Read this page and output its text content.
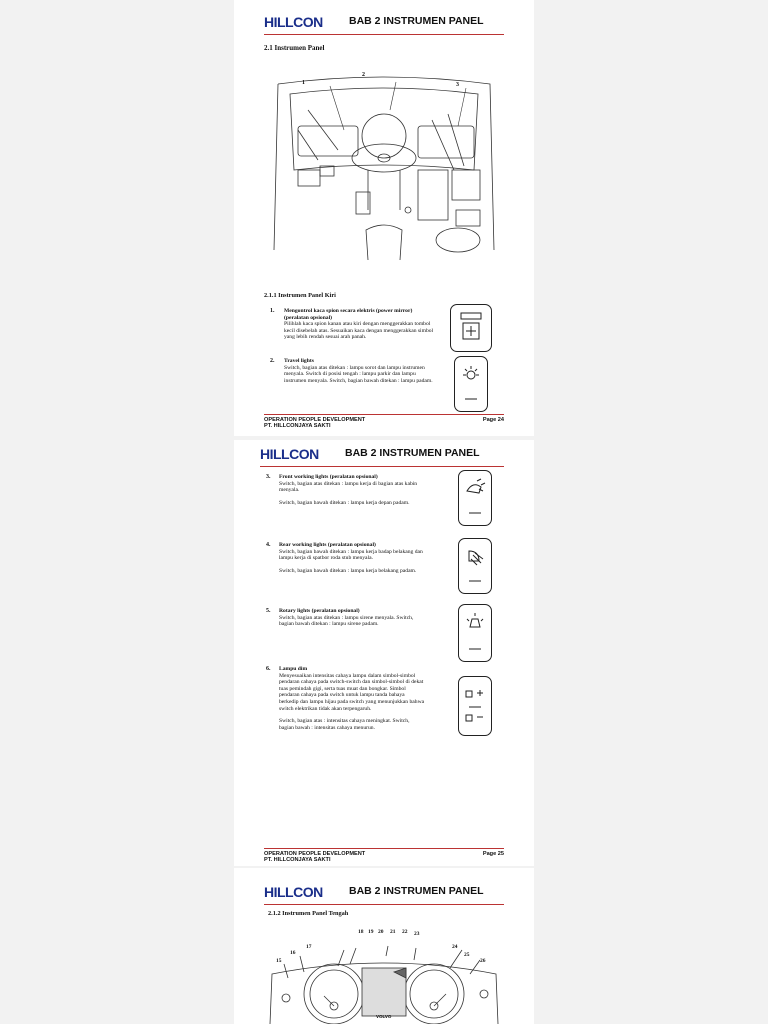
HILLCON	BAB 2 INSTRUMEN PANEL
2.1 Instrumen Panel
1
2
3
2.1.1 Instrumen Panel Kiri
1. Mengontrol kaca spion secara elektris (power mirror) (peralatan opsional)
Pilihlah kaca spion kanan atau kiri dengan menggerakkan tombol kecil disebelah atas. Sesuaikan kaca dengan menggerakkan simbol yang lebih rendah sesuai arah panah.
2. Travel lights
Switch, bagian atas ditekan : lampu sorot dan lampu instrumen menyala. Switch di posisi tengah : lampu parkir dan lampu instrumen menyala. Switch, bagian bawah ditekan : lampu padam.
OPERATION PEOPLE DEVELOPMENT
PT. HILLCONJAYA SAKTI
Page 24
HILLCON	BAB 2 INSTRUMEN PANEL
3. Front working lights (peralatan opsional)
Switch, bagian atas ditekan : lampu kerja di bagian atas kabin menyala.
Switch, bagian bawah ditekan : lampu kerja depan padam.
4. Rear working lights (peralatan opsional)
Switch, bagian bawah ditekan : lampu kerja badap belakang dan lampu kerja di spatbor roda stub menyala.
Switch, bagian bawah ditekan : lampu kerja belakang padam.
5. Rotary lights (peralatan opsional)
Switch, bagian atas ditekan : lampu sirene menyala. Switch, bagian bawah ditekan : lampu sirene padam.
6. Lampu dim
Menyesuaikan intensitas cahaya lampu dalam simbol-simbol pendaran cahaya pada switch-switch dan simbol-simbol di dekat tuas pemindah gigi, serta tuas muat dan bongkar. Simbol pendaran cahaya pada switch untuk lampu tanda bahaya berkedip dan lampu hijau pada switch yang menunjukkan bahwa switch elektrikan tidak akan terpengaruh.
Switch, bagian atas : intensitas cahaya meningkat. Switch, bagian bawah : intensitas cahaya menurun.
OPERATION PEOPLE DEVELOPMENT
PT. HILLCONJAYA SAKTI
Page 25
HILLCON	BAB 2 INSTRUMEN PANEL
2.1.2 Instrumen Panel Tengah
18 19 20 21 22 23
17
16
15
24
25
26
VOLVO
